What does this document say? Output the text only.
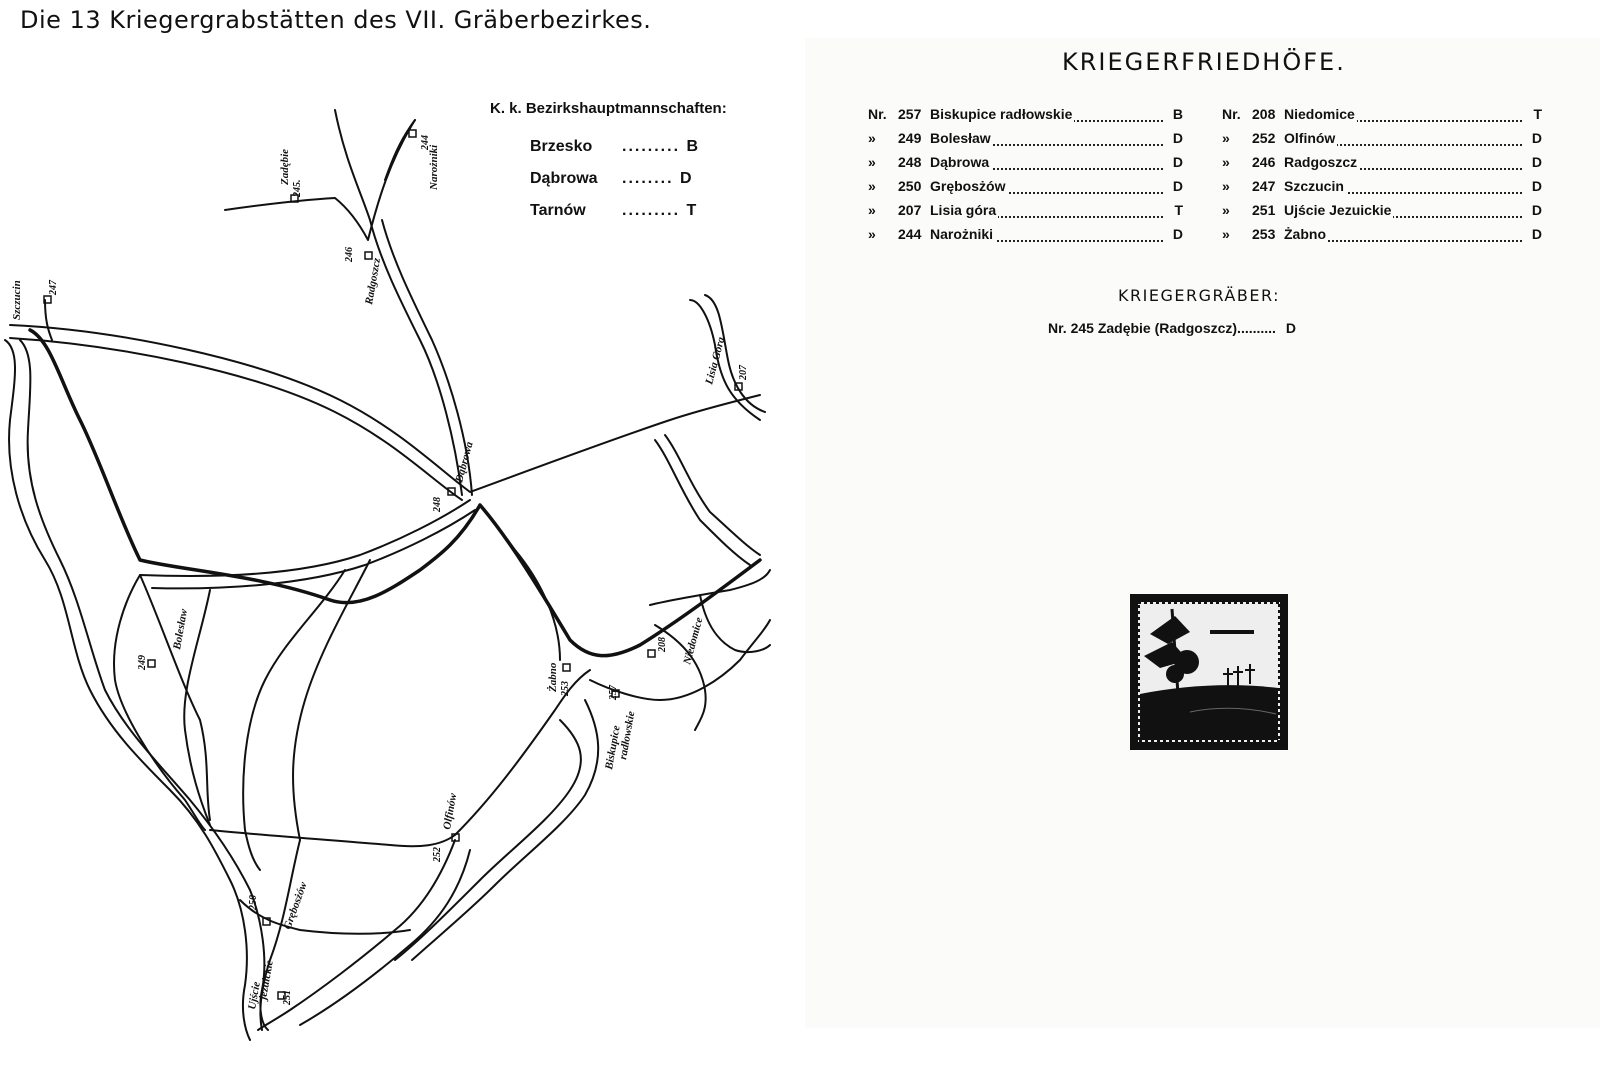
Die 13 Kriegergrabstätten des VII. Gräberbezirkes.
K. k. Bezirkshauptmannschaften:
Brzesko ......... B
Dąbrowa ........ D
Tarnów ......... T
Szczucin	247
Zadębie
245.	Narożniki
244
Radgoszcz
246
Lisia Góra 207
Dąbrowa
248
Bolesław
249
Żabno 253
Niedomice
208
Biskupice
radłowskie
257
Olfinów
252
Grębosżów
250
Ujście
jezuickie 251
KRIEGERFRIEDHÖFE.
Nr. 257 Biskupice radłowskie	B
»	249 Bolesław	D
»	248 Dąbrowa	D
»	250 Grębosżów	D
»	207 Lisia góra	T
»	244 Narożniki	D
Nr. 208 Niedomice	T
»	252 Olfinów	D
»	246 Radgoszcz	D
»	247 Szczucin	D
»	251 Ujście Jezuickie	D
»	253 Żabno	D
KRIEGERGRÄBER:
Nr. 245 Zadębie (Radgoszcz).......... D
